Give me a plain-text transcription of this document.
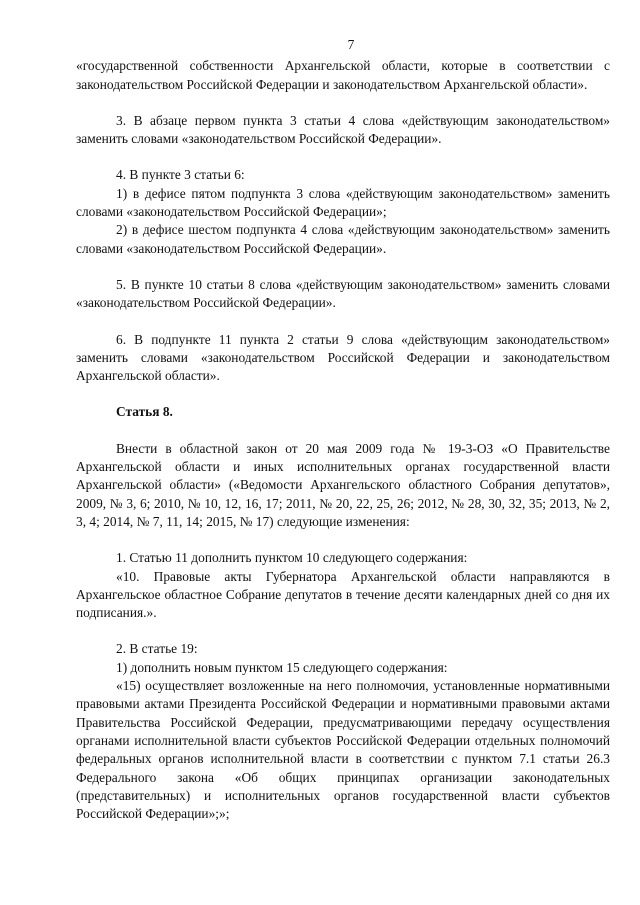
7

«государственной собственности Архангельской области, которые в соответствии с законодательством Российской Федерации и законодательством Архангельской области».

3. В абзаце первом пункта 3 статьи 4 слова «действующим законодательством» заменить словами «законодательством Российской Федерации».

4. В пункте 3 статьи 6:

1) в дефисе пятом подпункта 3 слова «действующим законодательством» заменить словами «законодательством Российской Федерации»;

2) в дефисе шестом подпункта 4 слова «действующим законодательством» заменить словами «законодательством Российской Федерации».

5. В пункте 10 статьи 8 слова «действующим законодательством» заменить словами «законодательством Российской Федерации».

6. В подпункте 11 пункта 2 статьи 9 слова «действующим законодательством» заменить словами «законодательством Российской Федерации и законодательством Архангельской области».

Статья 8.

Внести в областной закон от 20 мая 2009 года № 19-3-ОЗ «О Правительстве Архангельской области и иных исполнительных органах государственной власти Архангельской области» («Ведомости Архангельского областного Собрания депутатов», 2009, № 3, 6; 2010, № 10, 12, 16, 17; 2011, № 20, 22, 25, 26; 2012, № 28, 30, 32, 35; 2013, № 2, 3, 4; 2014, № 7, 11, 14; 2015, № 17) следующие изменения:

1. Статью 11 дополнить пунктом 10 следующего содержания:

«10. Правовые акты Губернатора Архангельской области направляются в Архангельское областное Собрание депутатов в течение десяти календарных дней со дня их подписания.».

2. В статье 19:

1) дополнить новым пунктом 15 следующего содержания:

«15) осуществляет возложенные на него полномочия, установленные нормативными правовыми актами Президента Российской Федерации и нормативными правовыми актами Правительства Российской Федерации, предусматривающими передачу осуществления органами исполнительной власти субъектов Российской Федерации отдельных полномочий федеральных органов исполнительной власти в соответствии с пунктом 7.1 статьи 26.3 Федерального закона «Об общих принципах организации законодательных (представительных) и исполнительных органов государственной власти субъектов Российской Федерации»;»;
